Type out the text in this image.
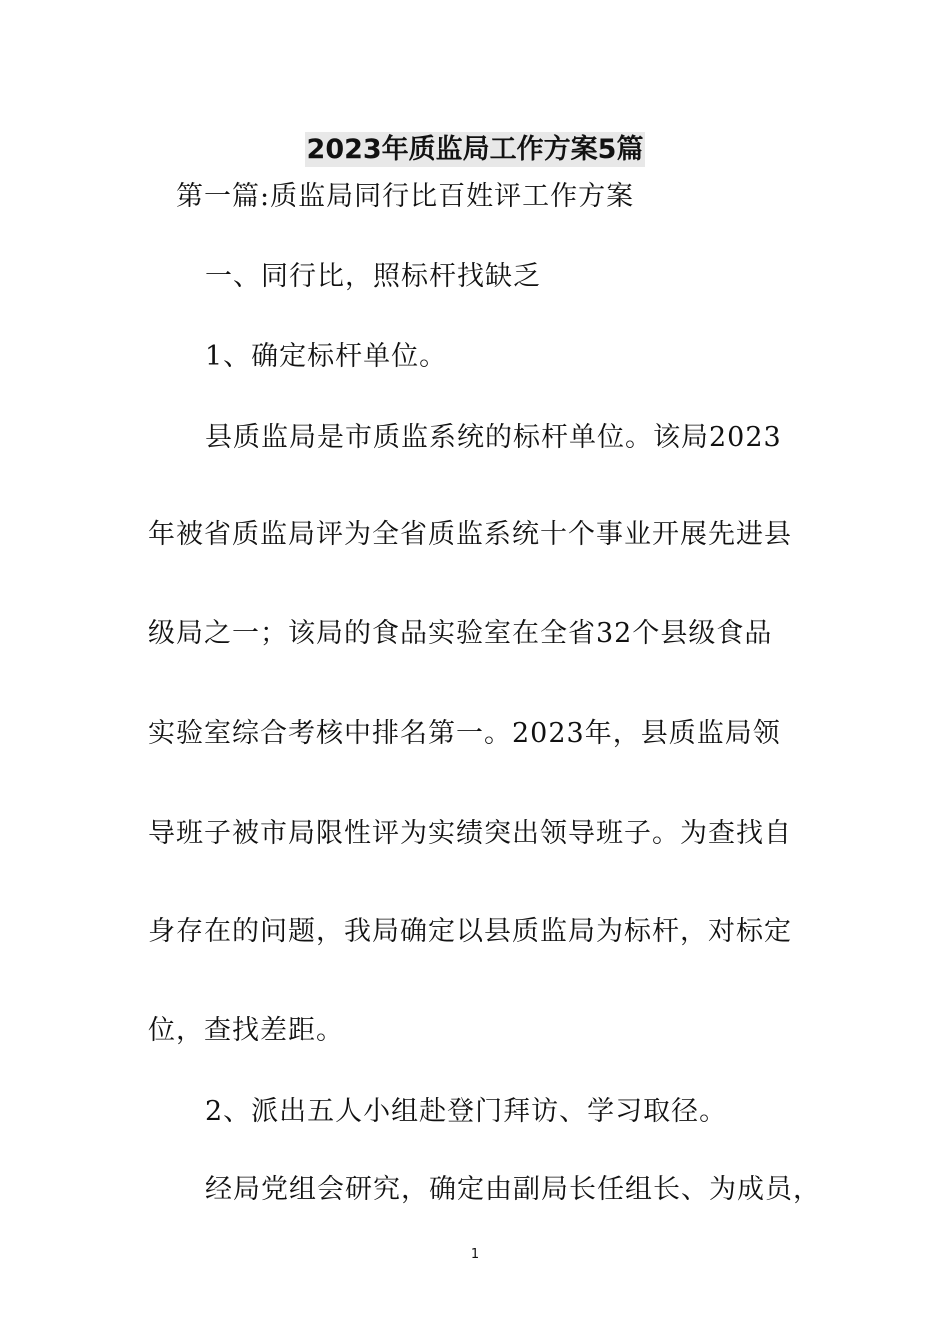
2023年质监局工作方案5篇
第一篇:质监局同行比百姓评工作方案
一、同行比，照标杆找缺乏
1、确定标杆单位。
县质监局是市质监系统的标杆单位。该局2023
年被省质监局评为全省质监系统十个事业开展先进县
级局之一；该局的食品实验室在全省32个县级食品
实验室综合考核中排名第一。2023年，县质监局领
导班子被市局限性评为实绩突出领导班子。为查找自
身存在的问题，我局确定以县质监局为标杆，对标定
位，查找差距。
2、派出五人小组赴登门拜访、学习取径。
经局党组会研究，确定由副局长任组长、为成员，
1
